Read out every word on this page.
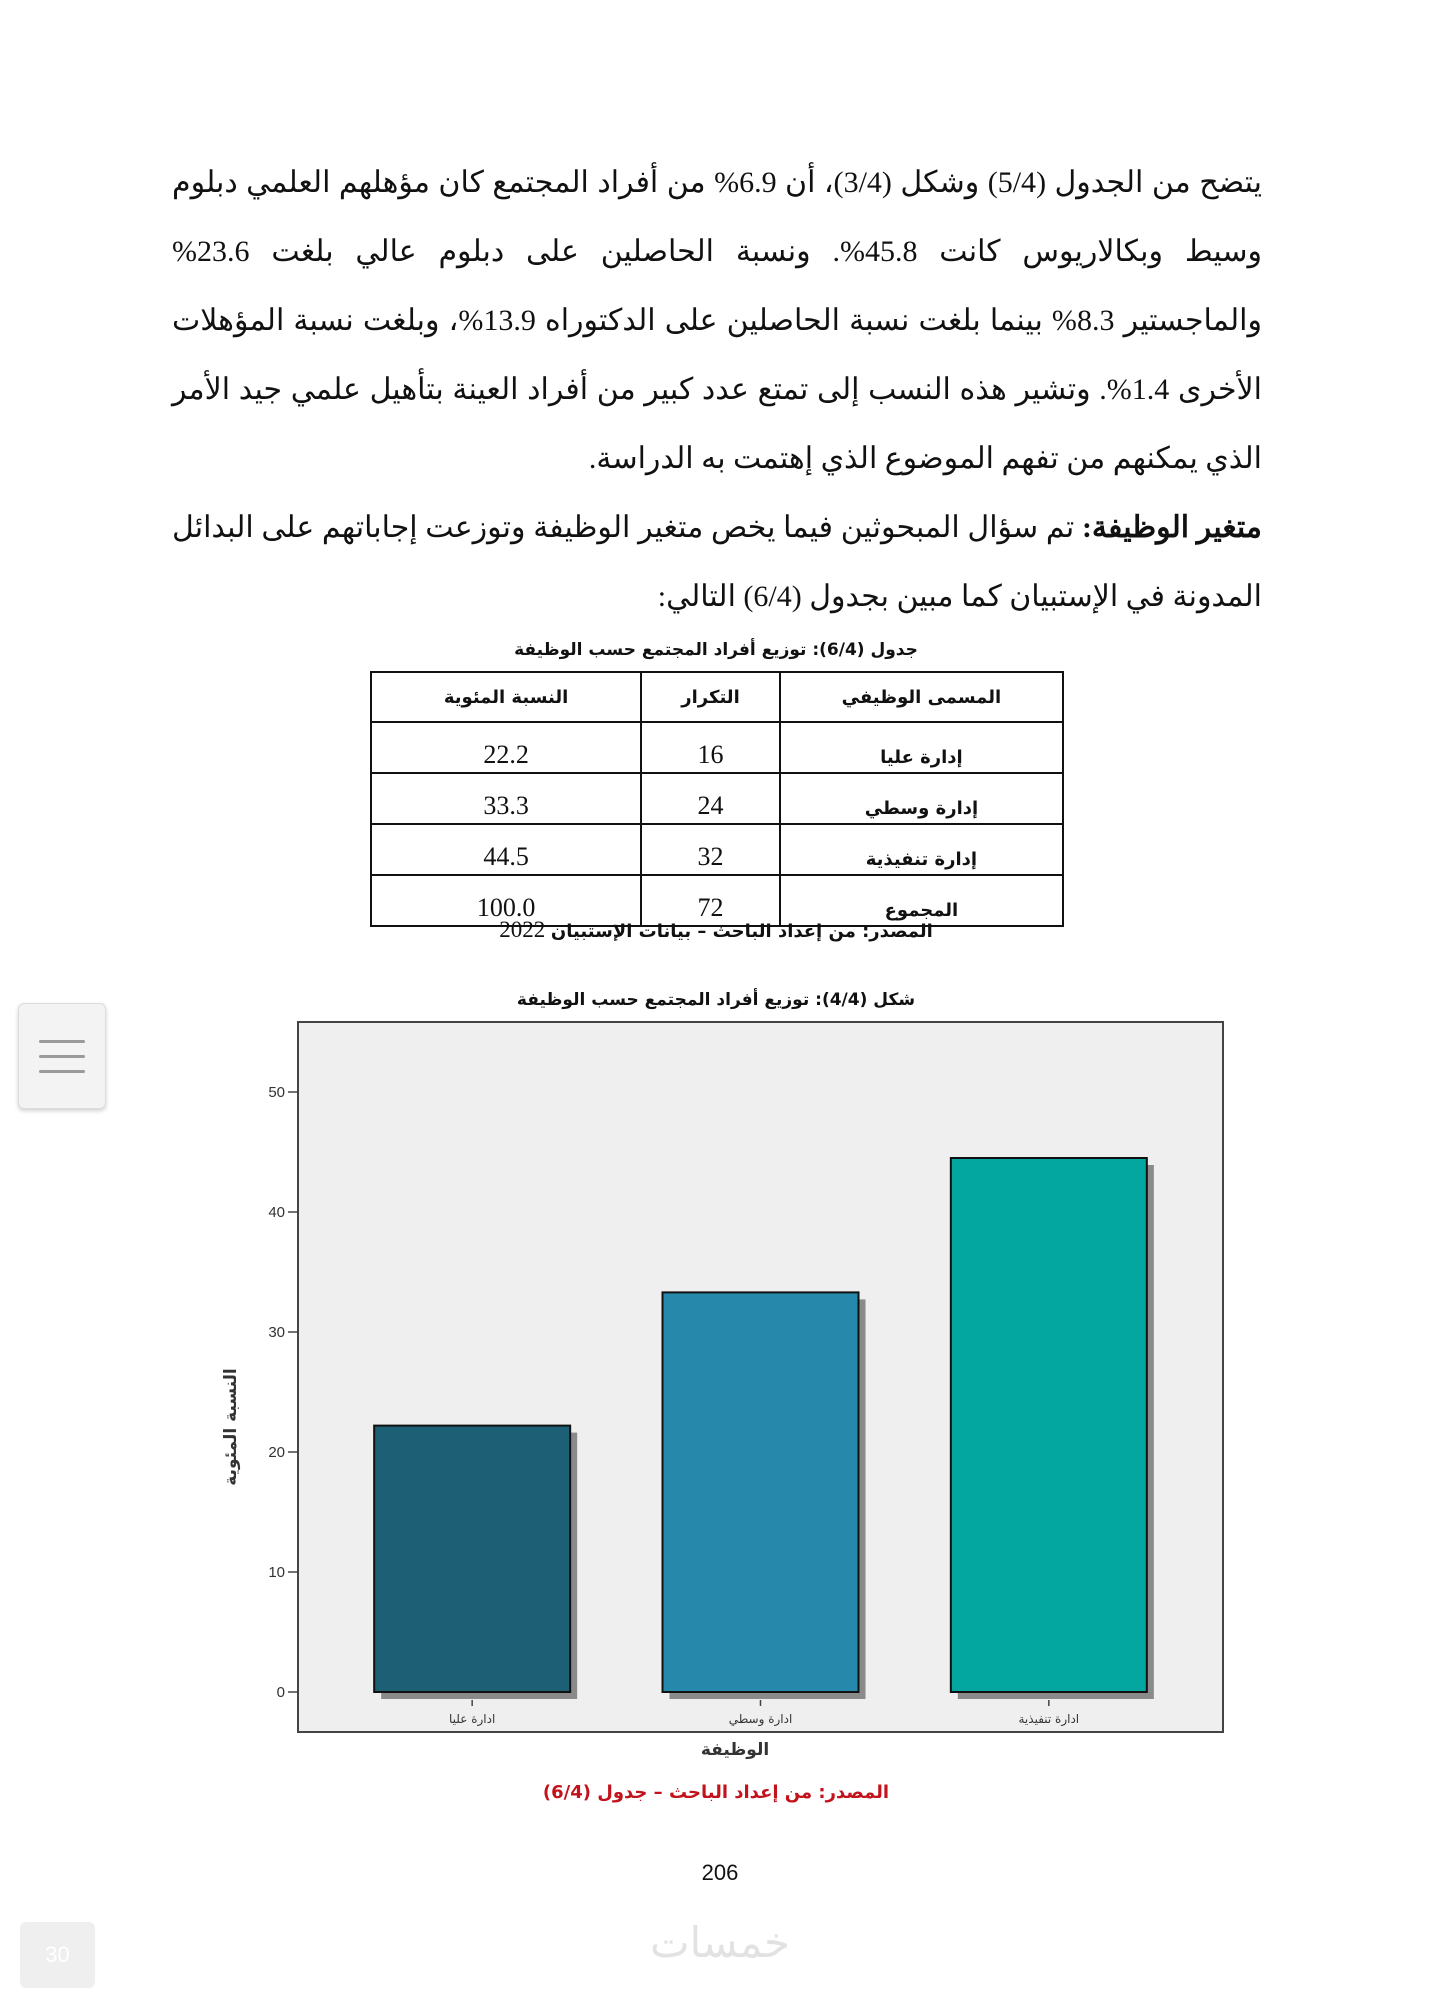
يتضح من الجدول (5/4) وشكل (3/4)، أن 6.9% من أفراد المجتمع كان مؤهلهم العلمي دبلوم وسيط وبكالاريوس كانت 45.8%. ونسبة الحاصلين على دبلوم عالي بلغت 23.6% والماجستير 8.3% بينما بلغت نسبة الحاصلين على الدكتوراه 13.9%، وبلغت نسبة المؤهلات الأخرى 1.4%. وتشير هذه النسب إلى تمتع عدد كبير من أفراد العينة بتأهيل علمي جيد الأمر الذي يمكنهم من تفهم الموضوع الذي إهتمت به الدراسة.

متغير الوظيفة: تم سؤال المبحوثين فيما يخص متغير الوظيفة وتوزعت إجاباتهم على البدائل المدونة في الإستبيان كما مبين بجدول (6/4) التالي:

جدول (6/4): توزيع أفراد المجتمع حسب الوظيفة
المسمى الوظيفي	التكرار	النسبة المئوية
إدارة عليا	16	22.2
إدارة وسطي	24	33.3
إدارة تنفيذية	32	44.5
المجموع	72	100.0
المصدر: من إعداد الباحث – بيانات الإستبيان 2022
شكل (4/4): توزيع أفراد المجتمع حسب الوظيفة
0
10
20
30
40
50
ادارة عليا	ادارة وسطي	ادارة تنفيذية
الوظيفة
النسبة المئوية
المصدر: من إعداد الباحث – جدول (6/4)
206
30	خمسات
